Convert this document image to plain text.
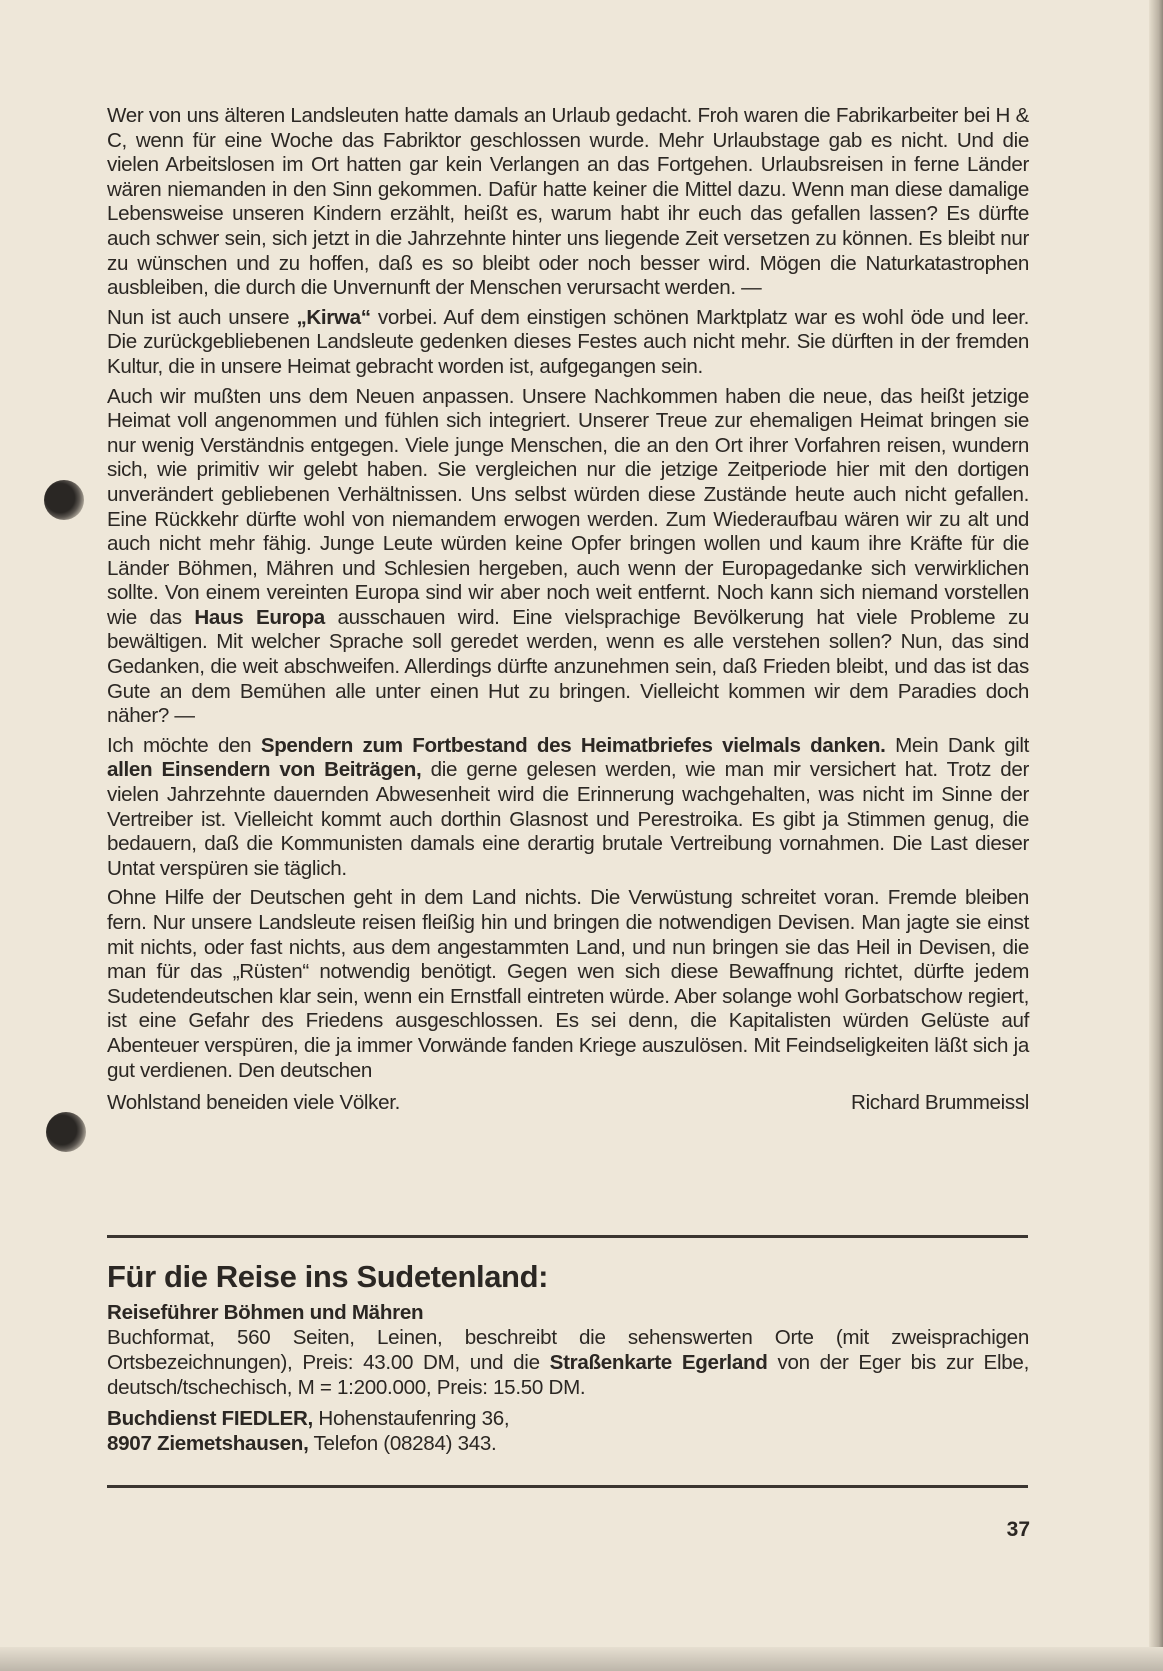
Wer von uns älteren Landsleuten hatte damals an Urlaub gedacht. Froh waren die Fabrikarbeiter bei H & C, wenn für eine Woche das Fabriktor geschlossen wurde. Mehr Urlaubstage gab es nicht. Und die vielen Arbeitslosen im Ort hatten gar kein Verlangen an das Fortgehen. Urlaubsreisen in ferne Länder wären niemanden in den Sinn gekommen. Dafür hatte keiner die Mittel dazu. Wenn man diese damalige Lebensweise unseren Kindern erzählt, heißt es, warum habt ihr euch das gefallen lassen? Es dürfte auch schwer sein, sich jetzt in die Jahrzehnte hinter uns liegende Zeit versetzen zu können. Es bleibt nur zu wünschen und zu hoffen, daß es so bleibt oder noch besser wird. Mögen die Naturkatastrophen ausbleiben, die durch die Unvernunft der Menschen verursacht werden. —

Nun ist auch unsere „Kirwa“ vorbei. Auf dem einstigen schönen Marktplatz war es wohl öde und leer. Die zurückgebliebenen Landsleute gedenken dieses Festes auch nicht mehr. Sie dürften in der fremden Kultur, die in unsere Heimat gebracht worden ist, aufgegangen sein.

Auch wir mußten uns dem Neuen anpassen. Unsere Nachkommen haben die neue, das heißt jetzige Heimat voll angenommen und fühlen sich integriert. Unserer Treue zur ehemaligen Heimat bringen sie nur wenig Verständnis entgegen. Viele junge Menschen, die an den Ort ihrer Vorfahren reisen, wundern sich, wie primitiv wir gelebt haben. Sie vergleichen nur die jetzige Zeitperiode hier mit den dortigen unverändert gebliebenen Verhältnissen. Uns selbst würden diese Zustände heute auch nicht gefallen. Eine Rückkehr dürfte wohl von niemandem erwogen werden. Zum Wiederaufbau wären wir zu alt und auch nicht mehr fähig. Junge Leute würden keine Opfer bringen wollen und kaum ihre Kräfte für die Länder Böhmen, Mähren und Schlesien hergeben, auch wenn der Europagedanke sich verwirklichen sollte. Von einem vereinten Europa sind wir aber noch weit entfernt. Noch kann sich niemand vorstellen wie das Haus Europa ausschauen wird. Eine vielsprachige Bevölkerung hat viele Probleme zu bewältigen. Mit welcher Sprache soll geredet werden, wenn es alle verstehen sollen? Nun, das sind Gedanken, die weit abschweifen. Allerdings dürfte anzunehmen sein, daß Frieden bleibt, und das ist das Gute an dem Bemühen alle unter einen Hut zu bringen. Vielleicht kommen wir dem Paradies doch näher? —

Ich möchte den Spendern zum Fortbestand des Heimatbriefes vielmals danken. Mein Dank gilt allen Einsendern von Beiträgen, die gerne gelesen werden, wie man mir versichert hat. Trotz der vielen Jahrzehnte dauernden Abwesenheit wird die Erinnerung wachgehalten, was nicht im Sinne der Vertreiber ist. Vielleicht kommt auch dorthin Glasnost und Perestroika. Es gibt ja Stimmen genug, die bedauern, daß die Kommunisten damals eine derartig brutale Vertreibung vornahmen. Die Last dieser Untat verspüren sie täglich.

Ohne Hilfe der Deutschen geht in dem Land nichts. Die Verwüstung schreitet voran. Fremde bleiben fern. Nur unsere Landsleute reisen fleißig hin und bringen die notwendigen Devisen. Man jagte sie einst mit nichts, oder fast nichts, aus dem angestammten Land, und nun bringen sie das Heil in Devisen, die man für das „Rüsten“ notwendig benötigt. Gegen wen sich diese Bewaffnung richtet, dürfte jedem Sudetendeutschen klar sein, wenn ein Ernstfall eintreten würde. Aber solange wohl Gorbatschow regiert, ist eine Gefahr des Friedens ausgeschlossen. Es sei denn, die Kapitalisten würden Gelüste auf Abenteuer verspüren, die ja immer Vorwände fanden Kriege auszulösen. Mit Feindseligkeiten läßt sich ja gut verdienen. Den deutschen

Wohlstand beneiden viele Völker.	Richard Brummeissl
Für die Reise ins Sudetenland:
Reiseführer Böhmen und Mähren

Buchformat, 560 Seiten, Leinen, beschreibt die sehenswerten Orte (mit zweisprachigen Ortsbezeichnungen), Preis: 43.00 DM, und die Straßenkarte Egerland von der Eger bis zur Elbe, deutsch/tschechisch, M = 1:200.000, Preis: 15.50 DM.

Buchdienst FIEDLER, Hohenstaufenring 36,
8907 Ziemetshausen, Telefon (08284) 343.
37
